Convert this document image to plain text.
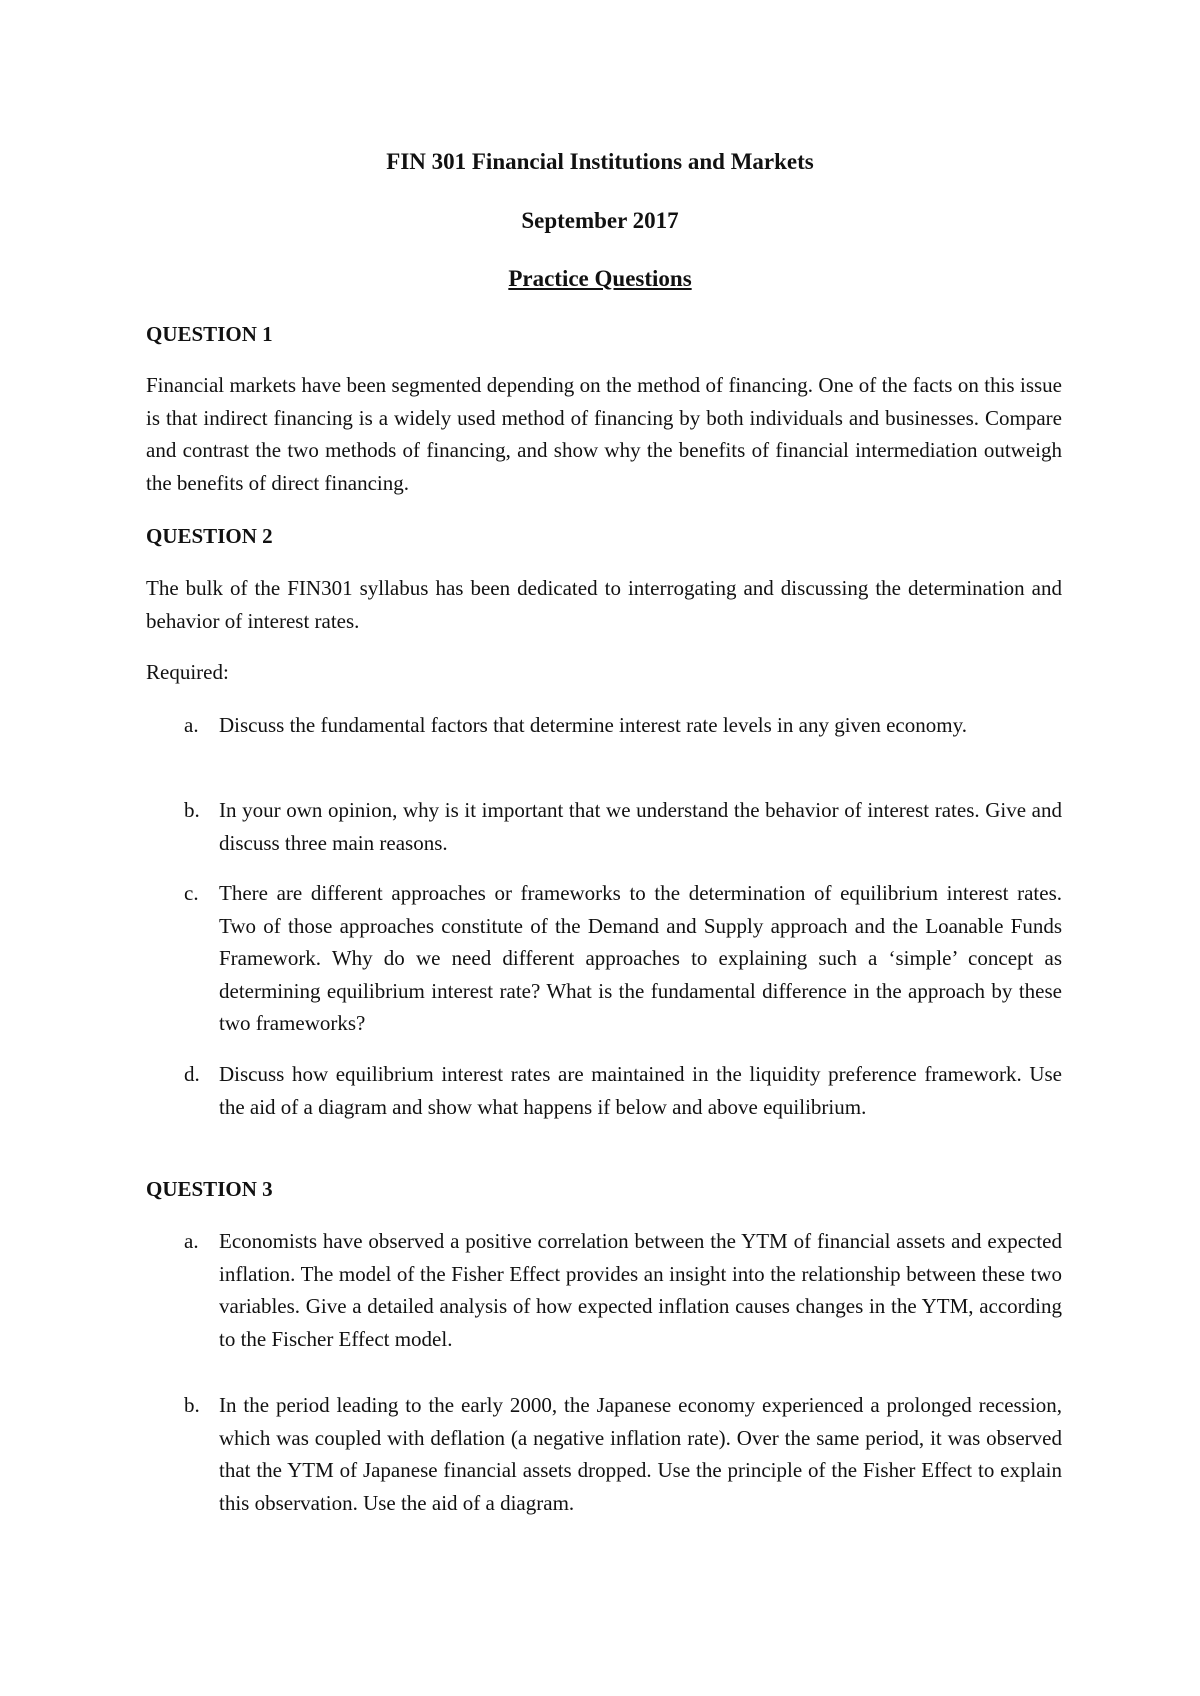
FIN 301 Financial Institutions and Markets
September 2017
Practice Questions
QUESTION 1

Financial markets have been segmented depending on the method of financing. One of the facts on this issue is that indirect financing is a widely used method of financing by both individuals and businesses. Compare and contrast the two methods of financing, and show why the benefits of financial intermediation outweigh the benefits of direct financing.

QUESTION 2

The bulk of the FIN301 syllabus has been dedicated to interrogating and discussing the determination and behavior of interest rates.

Required:

a. Discuss the fundamental factors that determine interest rate levels in any given economy.
b. In your own opinion, why is it important that we understand the behavior of interest rates. Give and discuss three main reasons.
c. There are different approaches or frameworks to the determination of equilibrium interest rates. Two of those approaches constitute of the Demand and Supply approach and the Loanable Funds Framework. Why do we need different approaches to explaining such a ‘simple’ concept as determining equilibrium interest rate? What is the fundamental difference in the approach by these two frameworks?
d. Discuss how equilibrium interest rates are maintained in the liquidity preference framework. Use the aid of a diagram and show what happens if below and above equilibrium.
QUESTION 3
a. Economists have observed a positive correlation between the YTM of financial assets and expected inflation. The model of the Fisher Effect provides an insight into the relationship between these two variables. Give a detailed analysis of how expected inflation causes changes in the YTM, according to the Fischer Effect model.
b. In the period leading to the early 2000, the Japanese economy experienced a prolonged recession, which was coupled with deflation (a negative inflation rate). Over the same period, it was observed that the YTM of Japanese financial assets dropped. Use the principle of the Fisher Effect to explain this observation. Use the aid of a diagram.
